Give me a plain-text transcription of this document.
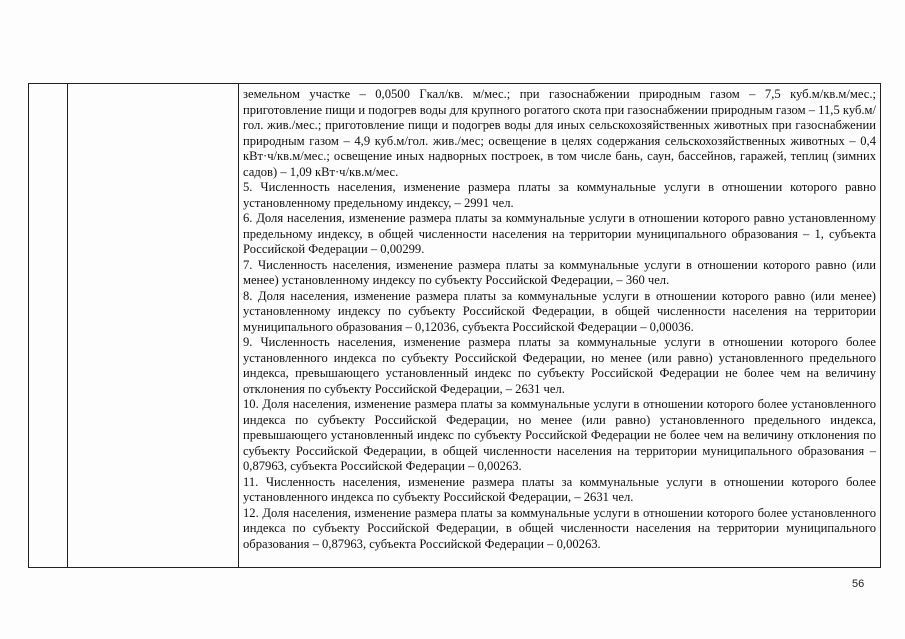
земельном участке – 0,0500 Гкал/кв. м/мес.; при газоснабжении природным газом – 7,5 куб.м/кв.м/мес.; приготовление пищи и подогрев воды для крупного рогатого скота при газоснабжении природным газом – 11,5 куб.м/гол. жив./мес.; приготовление пищи и подогрев воды для иных сельскохозяйственных животных при газоснабжении природным газом – 4,9 куб.м/гол. жив./мес; освещение в целях содержания сельскохозяйственных животных – 0,4 кВт·ч/кв.м/мес.; освещение иных надворных построек, в том числе бань, саун, бассейнов, гаражей, теплиц (зимних садов) – 1,09 кВт·ч/кв.м/мес.

5. Численность населения, изменение размера платы за коммунальные услуги в отношении которого равно установленному предельному индексу, – 2991 чел.

6. Доля населения, изменение размера платы за коммунальные услуги в отношении которого равно установленному предельному индексу, в общей численности населения на территории муниципального образования – 1, субъекта Российской Федерации – 0,00299.

7. Численность населения, изменение размера платы за коммунальные услуги в отношении которого равно (или менее) установленному индексу по субъекту Российской Федерации, – 360 чел.

8. Доля населения, изменение размера платы за коммунальные услуги в отношении которого равно (или менее) установленному индексу по субъекту Российской Федерации, в общей численности населения на территории муниципального образования – 0,12036, субъекта Российской Федерации – 0,00036.

9. Численность населения, изменение размера платы за коммунальные услуги в отношении которого более установленного индекса по субъекту Российской Федерации, но менее (или равно) установленного предельного индекса, превышающего установленный индекс по субъекту Российской Федерации не более чем на величину отклонения по субъекту Российской Федерации, – 2631 чел.

10. Доля населения, изменение размера платы за коммунальные услуги в отношении которого более установленного индекса по субъекту Российской Федерации, но менее (или равно) установленного предельного индекса, превышающего установленный индекс по субъекту Российской Федерации не более чем на величину отклонения по субъекту Российской Федерации, в общей численности населения на территории муниципального образования – 0,87963, субъекта Российской Федерации – 0,00263.

11. Численность населения, изменение размера платы за коммунальные услуги в отношении которого более установленного индекса по субъекту Российской Федерации, – 2631 чел.

12. Доля населения, изменение размера платы за коммунальные услуги в отношении которого более установленного индекса по субъекту Российской Федерации, в общей численности населения на территории муниципального образования – 0,87963, субъекта Российской Федерации – 0,00263.

56
